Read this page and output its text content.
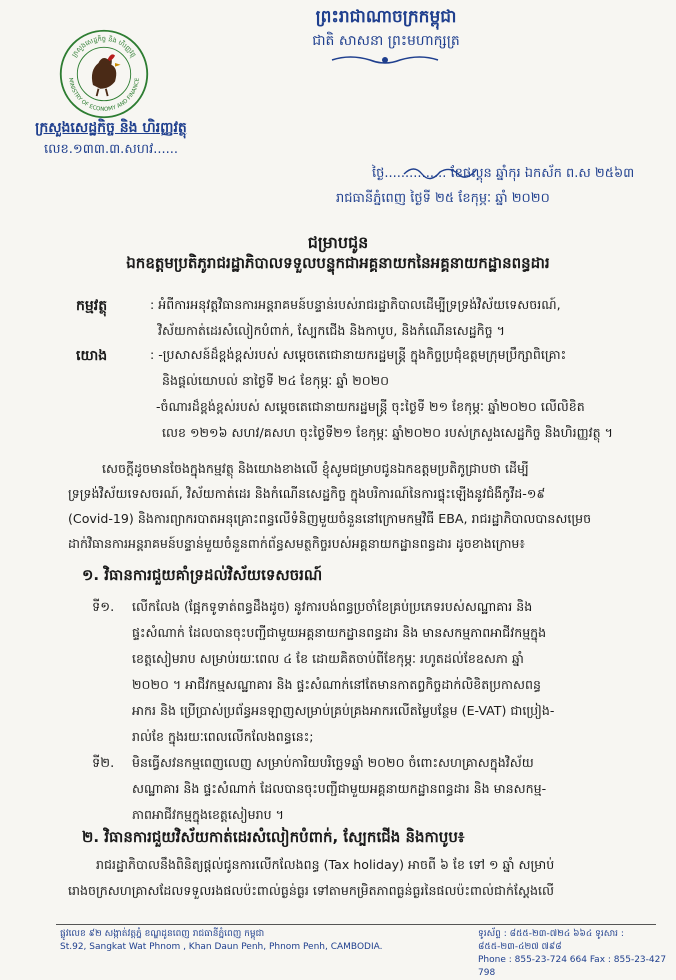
ក្រសួងសេដ្ឋកិច្ច និង ហិរញ្ញវត្ថុ
MINISTRY OF ECONOMY AND FINANCE
ក្រសួងសេដ្ឋកិច្ច និង ហិរញ្ញវត្ថុ
លេខ.១៣៣.៣.សហវ......
ព្រះរាជាណាចក្រកម្ពុជា
ជាតិ សាសនា ព្រះមហាក្សត្រ
ថ្ងៃ............... ខែផល្គុន ឆ្នាំកុរ ឯកស័ក ព.ស ២៥៦៣
រាជធានីភ្នំពេញ ថ្ងៃទី ២៥ ខែកុម្ភៈ ឆ្នាំ ២០២០
ជម្រាបជូន
ឯកឧត្តមប្រតិភូរាជរដ្ឋាភិបាលទទួលបន្ទុកជាអគ្គនាយកនៃអគ្គនាយកដ្ឋានពន្ធដារ
កម្មវត្ថុ	: អំពីការអនុវត្តវិធានការអន្តរាគមន៍បន្ទាន់របស់រាជរដ្ឋាភិបាលដើម្បីទ្រទ្រង់វិស័យទេសចរណ៍,
វិស័យកាត់ដេរសំលៀកបំពាក់, ស្បែកជើង និងកាបូប, និងកំណើនសេដ្ឋកិច្ច ។
យោង	: -ប្រសាសន៍ដ៏ខ្ពង់ខ្ពស់របស់ សម្តេចតេជោនាយករដ្ឋមន្ត្រី ក្នុងកិច្ចប្រជុំឧត្តមក្រុមប្រឹក្សាពិគ្រោះ
និងផ្តល់យោបល់ នាថ្ងៃទី ២៤ ខែកុម្ភៈ ឆ្នាំ ២០២០
-ចំណារដ៏ខ្ពង់ខ្ពស់របស់ សម្តេចតេជោនាយករដ្ឋមន្ត្រី ចុះថ្ងៃទី ២១ ខែកុម្ភៈ ឆ្នាំ២០២០ លើលិខិត
លេខ ១២១៦ សហវ/គសហ ចុះថ្ងៃទី២១ ខែកុម្ភៈ ឆ្នាំ២០២០ របស់ក្រសួងសេដ្ឋកិច្ច និងហិរញ្ញវត្ថុ ។
សេចក្តីដូចមានចែងក្នុងកម្មវត្ថុ និងយោងខាងលើ ខ្ញុំសូមជម្រាបជូនឯកឧត្តមប្រតិភូជ្រាបថា ដើម្បី
ទ្រទ្រង់វិស័យទេសចរណ៍, វិស័យកាត់ដេរ និងកំណើនសេដ្ឋកិច្ច ក្នុងបរិការណ៍នៃការផ្ទុះឡើងនូវជំងឺកូវីដ-១៩
(Covid-19) និងការព្យាករបាតអនុគ្រោះពន្ធលើទំនិញមួយចំនួននៅក្រោមកម្មវិធី EBA, រាជរដ្ឋាភិបាលបានសម្រេច
ដាក់វិធានការអន្តរាគមន៍បន្ទាន់មួយចំនួនពាក់ព័ន្ធសមត្ថកិច្ចរបស់អគ្គនាយកដ្ឋានពន្ធដារ ដូចខាងក្រោម៖
១. វិធានការជួយគាំទ្រដល់វិស័យទេសចរណ៍
ទី១. លើកលែង (ផ្អែកទូទាត់ពន្ធដឹងដូច) នូវការបង់ពន្ធប្រចាំខែគ្រប់ប្រភេទរបស់សណ្ឋាគារ និង
ផ្ទះសំណាក់ ដែលបានចុះបញ្ជីជាមួយអគ្គនាយកដ្ឋានពន្ធដារ និង មានសកម្មភាពអាជីវកម្មក្នុង
ខេត្តសៀមរាប សម្រាប់រយៈពេល ៤ ខែ ដោយគិតចាប់ពីខែកុម្ភៈ រហូតដល់ខែឧសភា ឆ្នាំ
២០២០ ។ អាជីវកម្មសណ្ឋាគារ និង ផ្ទះសំណាក់នៅតែមានកាតព្វកិច្ចដាក់លិខិតប្រកាសពន្ធ
អាករ និង ប្រើប្រាស់ប្រព័ន្ធអនឡាញសម្រាប់គ្រប់គ្រងអាករលើតម្លៃបន្ថែម (E-VAT) ជាប្រៀង-
រាល់ខែ ក្នុងរយៈពេលលើកលែងពន្ធនេះ;
ទី២. មិនធ្វើសវនកម្មពេញលេញ សម្រាប់ការិយបរិច្ឆេទឆ្នាំ ២០២០ ចំពោះសហគ្រាសក្នុងវិស័យ
សណ្ឋាគារ និង ផ្ទះសំណាក់ ដែលបានចុះបញ្ជីជាមួយអគ្គនាយកដ្ឋានពន្ធដារ និង មានសកម្ម-
ភាពអាជីវកម្មក្នុងខេត្តសៀមរាប ។
២. វិធានការជួយវិស័យកាត់ដេរសំលៀកបំពាក់, ស្បែកជើង និងកាបូប៖
រាជរដ្ឋាភិបាលនឹងពិនិត្យផ្តល់ជូនការលើកលែងពន្ធ (Tax holiday) អាចពី ៦ ខែ ទៅ ១ ឆ្នាំ សម្រាប់
រោងចក្រសហគ្រាសដែលទទួលរងផលប៉ះពាល់ធ្ងន់ធ្ងរ ទៅតាមកម្រិតភាពធ្ងន់ធ្ងរនៃផលប៉ះពាល់ជាក់ស្តែងលើ
ផ្លូវលេខ ៩២ សង្កាត់វត្តភ្នំ ខណ្ឌដូនពេញ រាជធានីភ្នំពេញ កម្ពុជា
St.92, Sangkat Wat Phnom , Khan Daun Penh, Phnom Penh, CAMBODIA.
ទូរស័ព្ទ : ៨៥៥-២៣-៧២៤ ៦៦៤ ទូរសារ : ៨៥៥-២៣-៤២៧ ៧៩៨
Phone : 855-23-724 664 Fax : 855-23-427 798
